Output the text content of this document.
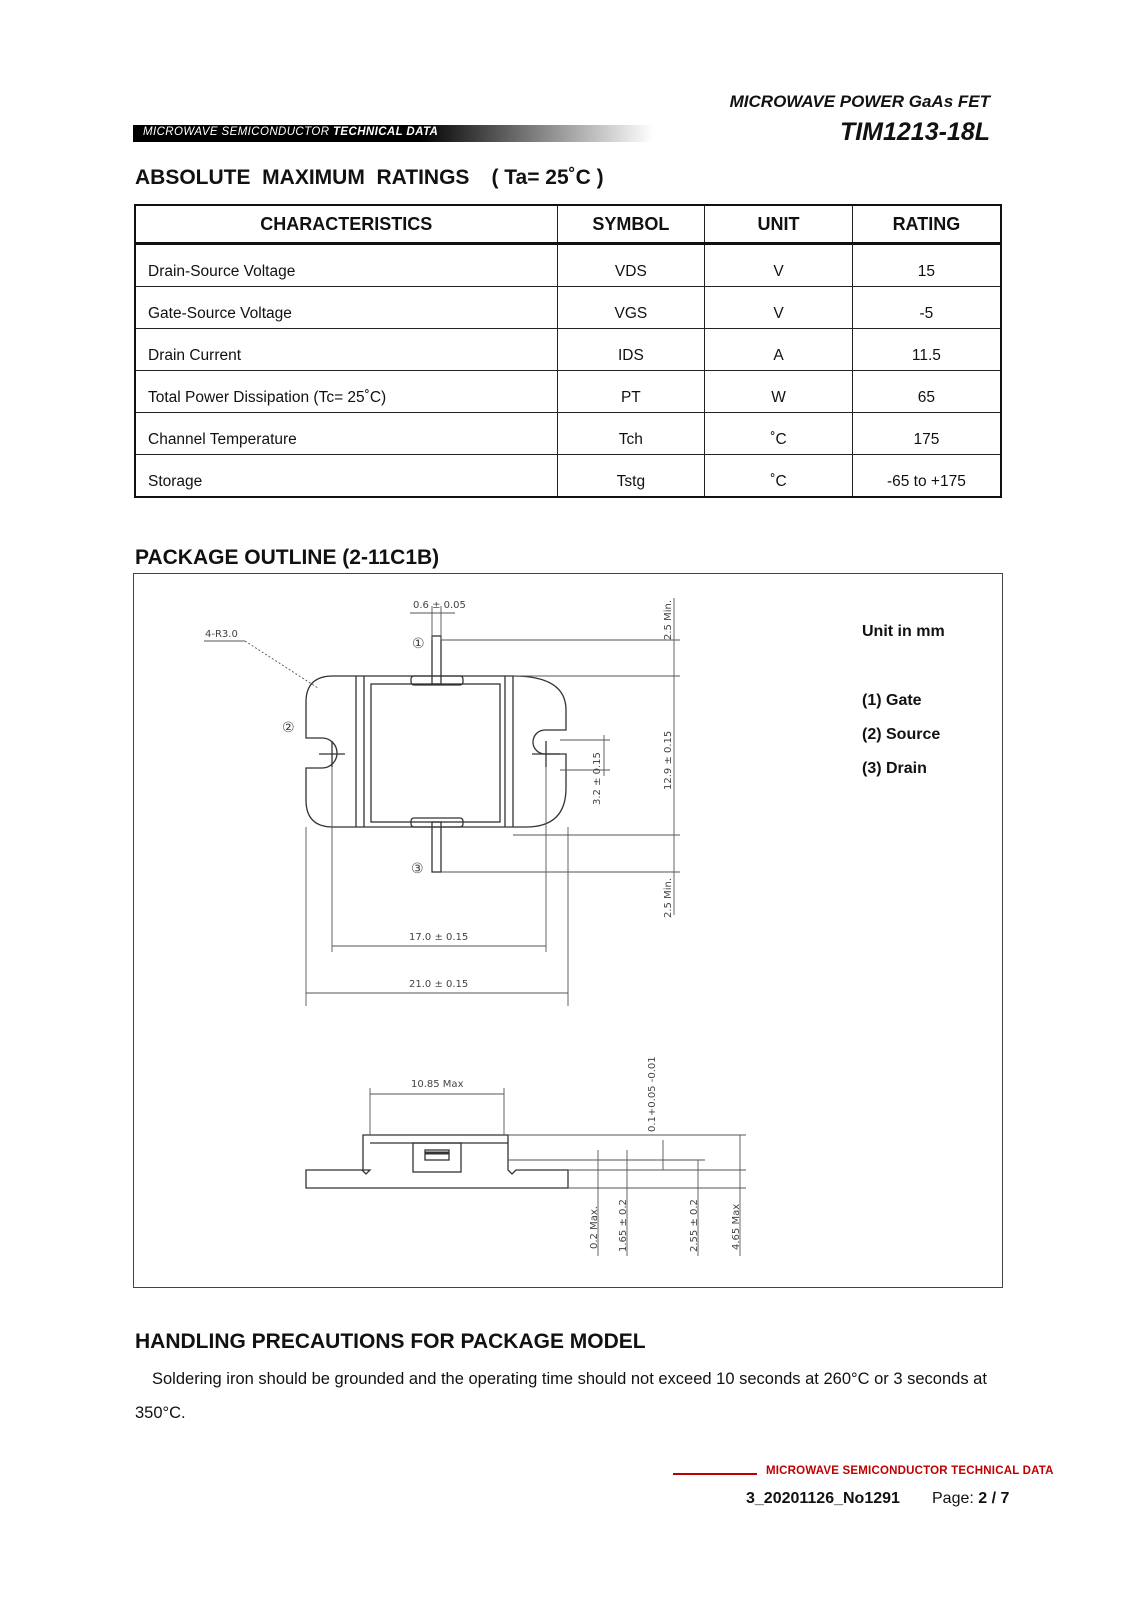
MICROWAVE POWER GaAs FET
TIM1213-18L
MICROWAVE SEMICONDUCTOR TECHNICAL DATA
ABSOLUTE  MAXIMUM  RATINGS ( Ta= 25˚C )
CHARACTERISTICS	SYMBOL	UNIT	RATING
Drain-Source Voltage	VDS	V	15
Gate-Source Voltage	VGS	V	-5
Drain Current	IDS	A	11.5
Total Power Dissipation (Tc= 25˚C)	PT	W	65
Channel Temperature	Tch	˚C	175
Storage	Tstg	˚C	-65 to +175
PACKAGE OUTLINE (2-11C1B)
0.6 ± 0.05
4-R3.0
①
②
③
2.5 Min.
12.9 ± 0.15
3.2 ± 0.15
2.5 Min.
17.0 ± 0.15
21.0 ± 0.15
10.85 Max	0.1+0.05 -0.01
0.2 Max. 1.65 ± 0.2	2.55 ± 0.2	4.65 Max
Unit in mm
(1) Gate
(2) Source
(3) Drain
HANDLING PRECAUTIONS FOR PACKAGE MODEL
Soldering iron should be grounded and the operating time should not exceed 10 seconds at 260°C or 3 seconds at 350°C.
MICROWAVE SEMICONDUCTOR TECHNICAL DATA
3_20201126_No1291 Page: 2 / 7
